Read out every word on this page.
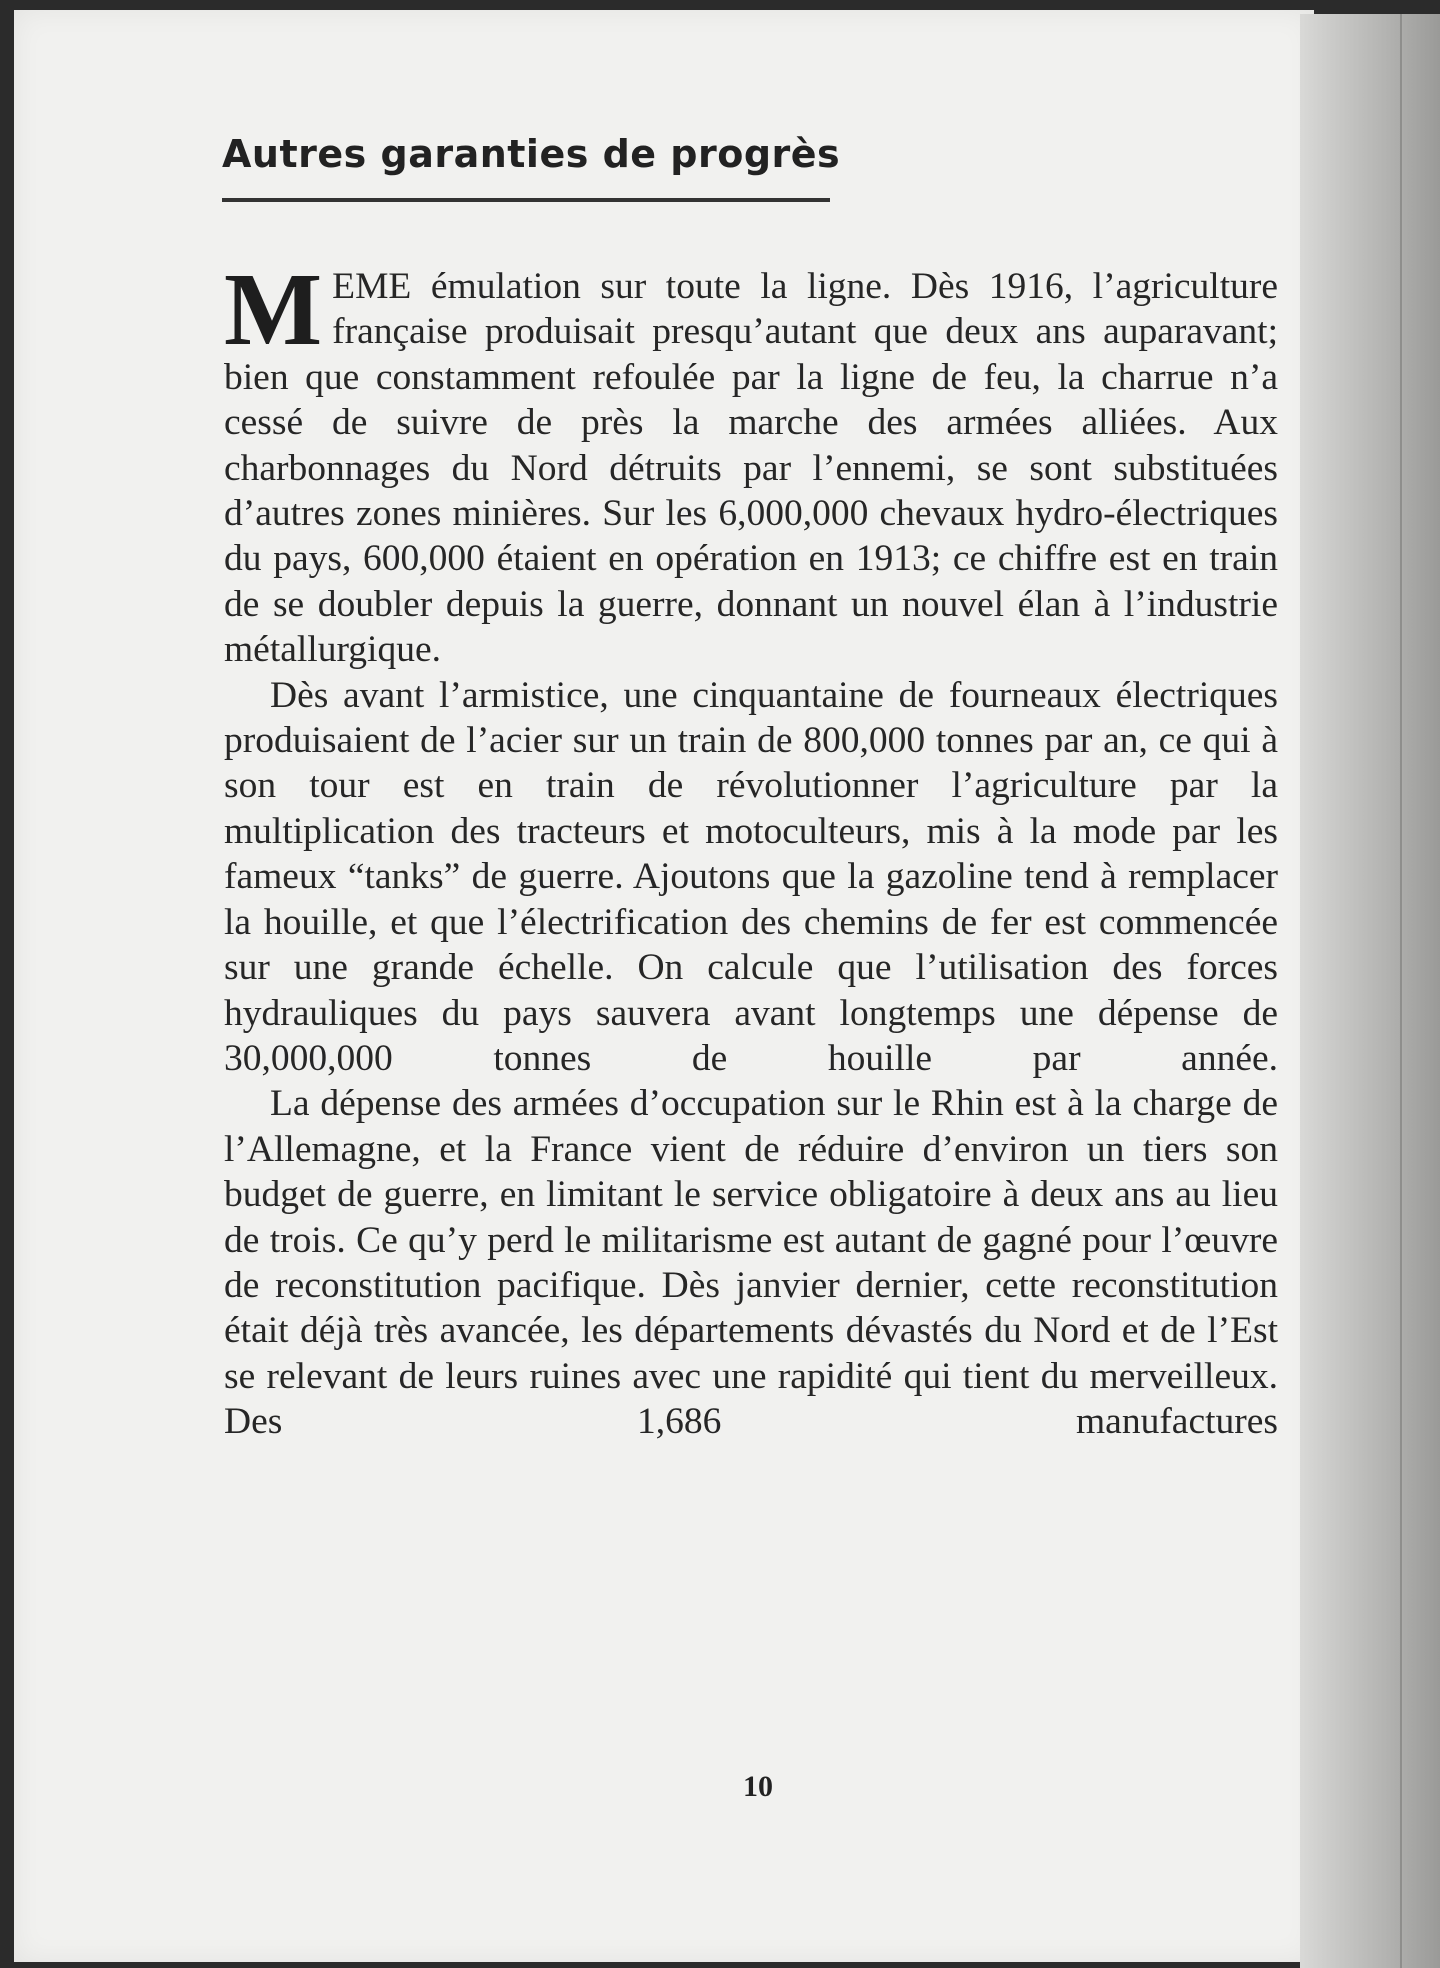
Autres garanties de progrès

MEME émulation sur toute la ligne. Dès 1916, l’agriculture française produisait presqu’autant que deux ans auparavant; bien que constamment refoulée par la ligne de feu, la charrue n’a cessé de suivre de près la marche des armées alliées. Aux charbonnages du Nord détruits par l’ennemi, se sont substituées d’autres zones minières. Sur les 6,000,000 chevaux hydro-électriques du pays, 600,000 étaient en opération en 1913; ce chiffre est en train de se doubler depuis la guerre, donnant un nouvel élan à l’industrie métallurgique.

Dès avant l’armistice, une cinquantaine de fourneaux électriques produisaient de l’acier sur un train de 800,000 tonnes par an, ce qui à son tour est en train de révolutionner l’agriculture par la multiplication des tracteurs et motoculteurs, mis à la mode par les fameux “tanks” de guerre. Ajoutons que la gazoline tend à remplacer la houille, et que l’électrification des chemins de fer est commencée sur une grande échelle. On calcule que l’utilisation des forces hydrauliques du pays sauvera avant longtemps une dépense de 30,000,000 tonnes de houille par année.

La dépense des armées d’occupation sur le Rhin est à la charge de l’Allemagne, et la France vient de réduire d’environ un tiers son budget de guerre, en limitant le service obligatoire à deux ans au lieu de trois. Ce qu’y perd le militarisme est autant de gagné pour l’œuvre de reconstitution pacifique. Dès janvier dernier, cette reconstitution était déjà très avancée, les départements dévastés du Nord et de l’Est se relevant de leurs ruines avec une rapidité qui tient du merveilleux. Des 1,686 manufactures

10
